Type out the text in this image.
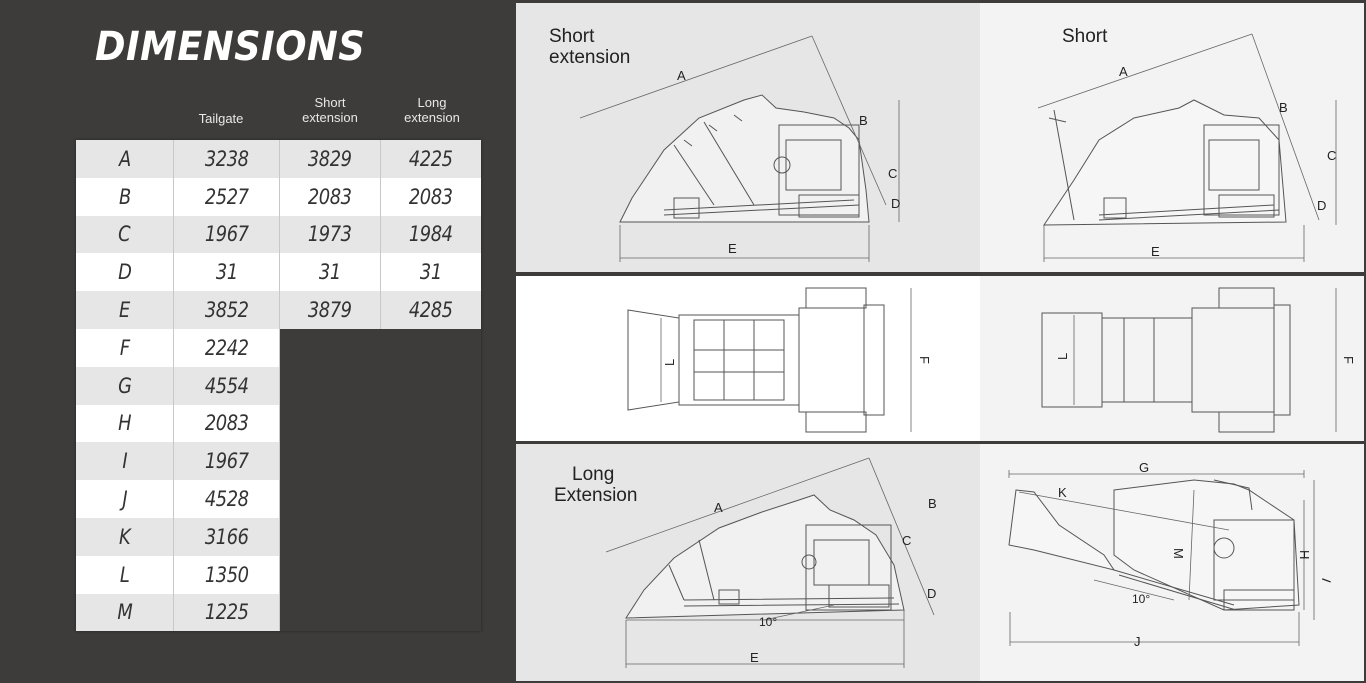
DIMENSIONS
Tailgate
Short
extension
Long
extension
A	3238	3829	4225
B	2527	2083	2083
C	1967	1973	1984
D	31	31	31
E	3852	3879	4285
F	2242		
G	4554		
H	2083		
I	1967		
J	4528		
K	3166		
L	1350		
M	1225		
Short
Short
extension
A
B
C
D
E
A
B
C
D
E
L	F	L	F
Long
Extension
A	B
C
D
E
10°
G
K
M	H
I
J
10°
